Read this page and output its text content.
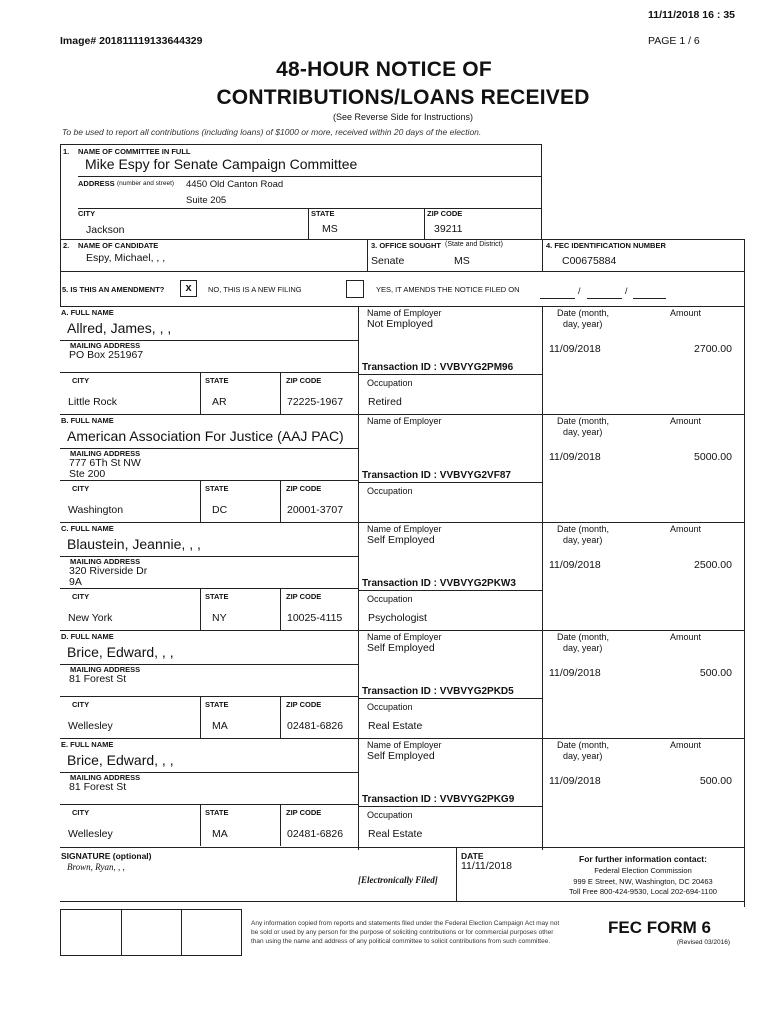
11/11/2018 16 : 35
Image# 201811119133644329	PAGE 1 / 6
48-HOUR NOTICE OF
CONTRIBUTIONS/LOANS RECEIVED
(See Reverse Side for Instructions)
To be used to report all contributions (including loans) of $1000 or more, received within 20 days of the election.
1. NAME OF COMMITTEE IN FULL
Mike Espy for Senate Campaign Committee
ADDRESS (number and street) 4450 Old Canton Road
Suite 205
CITY
Jackson
STATE
MS
ZIP CODE
39211
2. NAME OF CANDIDATE
Espy, Michael, , ,
3. OFFICE SOUGHT (State and District)
Senate	MS
4. FEC IDENTIFICATION NUMBER
C00675884
5. IS THIS AN AMENDMENT?	x	NO, THIS IS A NEW FILING	YES, IT AMENDS THE NOTICE FILED ON	/	/
A. FULL NAME
Allred, James, , ,
MAILING ADDRESS
PO Box 251967
CITY
Little Rock
STATE
AR
ZIP CODE
72225-1967
Name of Employer
Not Employed
Transaction ID : VVBVYG2PM96
Occupation
Retired
Date (month,
day, year)
Amount
11/09/2018	2700.00
B. FULL NAME
American Association For Justice (AAJ PAC)
MAILING ADDRESS
777 6Th St NW
Ste 200
CITY
Washington
STATE
DC
ZIP CODE
20001-3707
Name of Employer
Transaction ID : VVBVYG2VF87
Occupation
Date (month,
day, year)
Amount
11/09/2018	5000.00
C. FULL NAME
Blaustein, Jeannie, , ,
MAILING ADDRESS
320 Riverside Dr
9A
CITY
New York
STATE
NY
ZIP CODE
10025-4115
Name of Employer
Self Employed
Transaction ID : VVBVYG2PKW3
Occupation
Psychologist
Date (month,
day, year)
Amount
11/09/2018	2500.00
D. FULL NAME
Brice, Edward, , ,
MAILING ADDRESS
81 Forest St
CITY
Wellesley
STATE
MA
ZIP CODE
02481-6826
Name of Employer
Self Employed
Transaction ID : VVBVYG2PKD5
Occupation
Real Estate
Date (month,
day, year)
Amount
11/09/2018	500.00
E. FULL NAME
Brice, Edward, , ,
MAILING ADDRESS
81 Forest St
CITY
Wellesley
STATE
MA
ZIP CODE
02481-6826
Name of Employer
Self Employed
Transaction ID : VVBVYG2PKG9
Occupation
Real Estate
Date (month,
day, year)
Amount
11/09/2018	500.00
SIGNATURE (optional)
Brown, Ryan, , ,
[Electronically Filed]
DATE
11/11/2018
For further information contact:
Federal Election Commission
999 E Street, NW, Washington, DC 20463
Toll Free 800-424-9530, Local 202-694-1100
Any information copied from reports and statements filed under the Federal Election Campaign Act may not
be sold or used by any person for the purpose of soliciting contributions or for commercial purposes other
than using the name and address of any political committee to solicit contributions from such committee.
FEC FORM 6
(Revised 03/2016)
